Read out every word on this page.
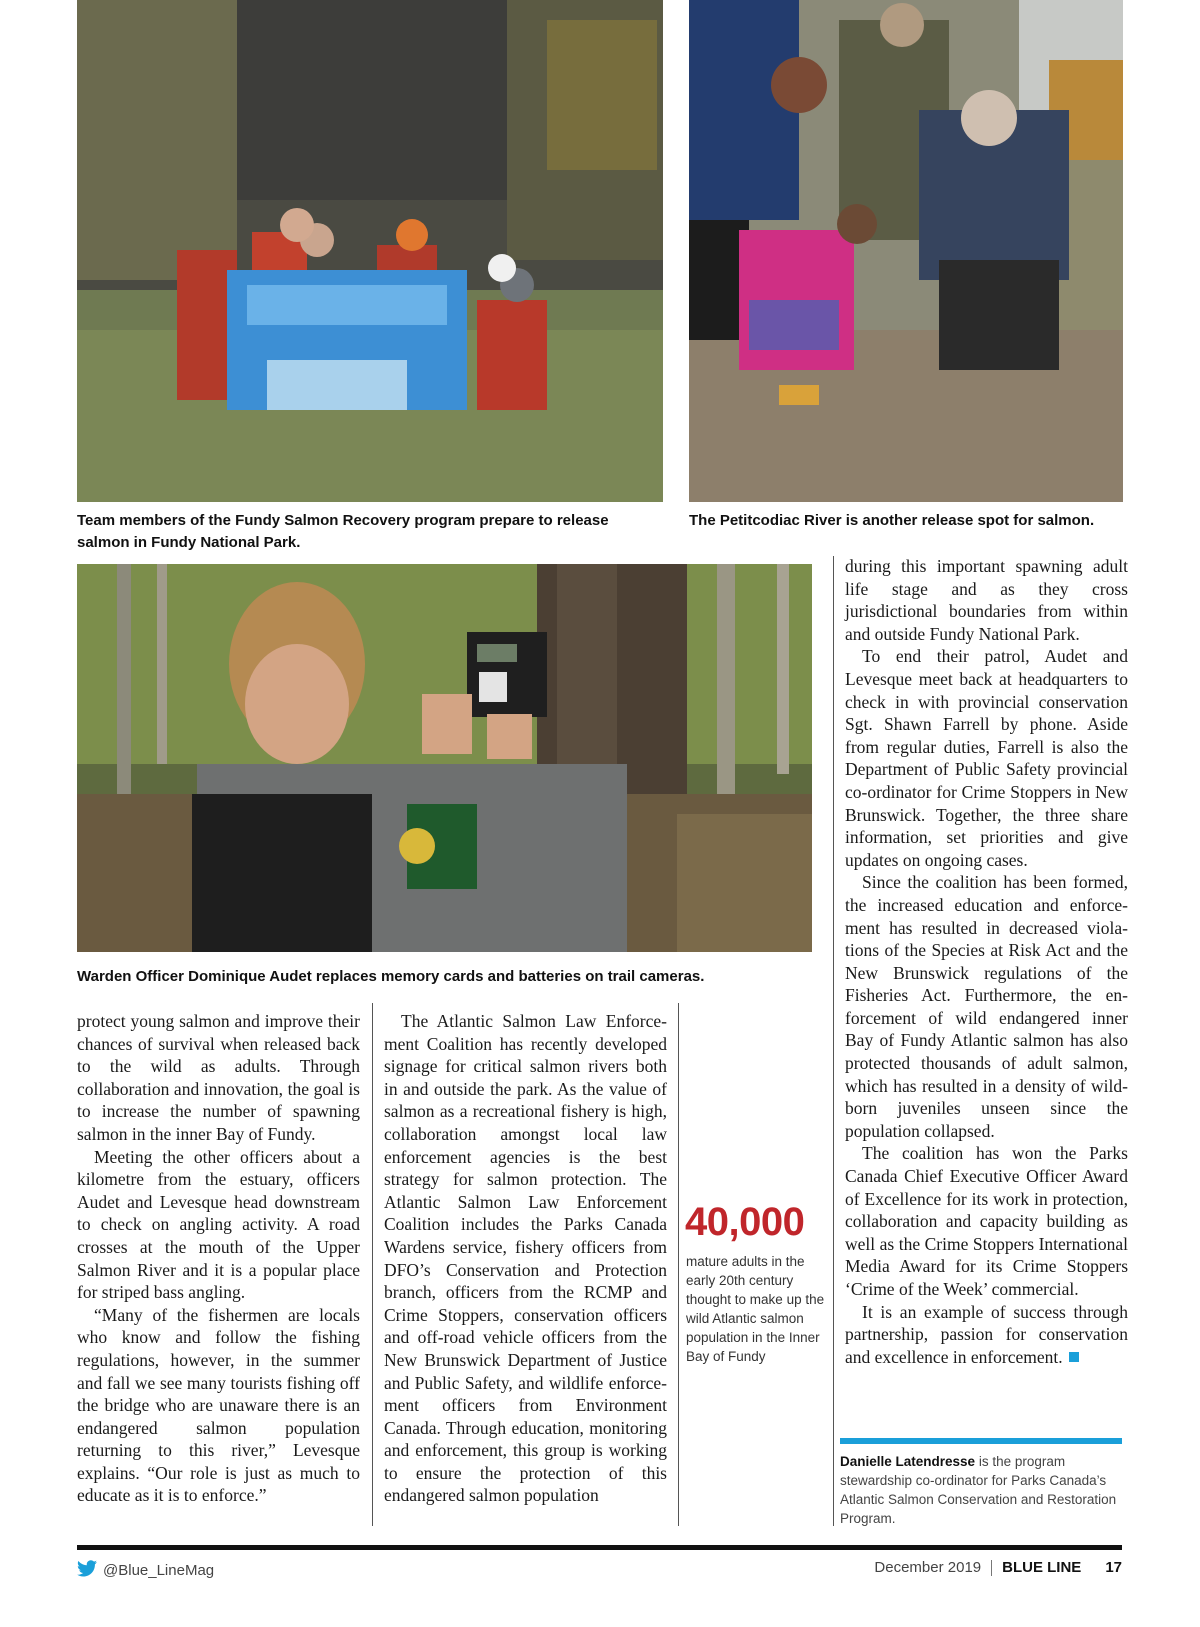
Team members of the Fundy Salmon Recovery program prepare to release salmon in Fundy National Park.
The Petitcodiac River is another release spot for salmon.
Warden Officer Dominique Audet replaces memory cards and batteries on trail cameras.

protect young salmon and improve their chances of survival when released back to the wild as adults. Through collaboration and innovation, the goal is to increase the number of spawning salmon in the inner Bay of Fundy.

Meeting the other officers about a kilometre from the estuary, officers Audet and Levesque head downstream to check on angling activity. A road crosses at the mouth of the Upper Salmon River and it is a popular place for striped bass angling.

“Many of the fishermen are locals who know and follow the fishing regulations, however, in the summer and fall we see many tourists fishing off the bridge who are unaware there is an endangered salmon population returning to this river,” Levesque explains. “Our role is just as much to educate as it is to enforce.”

The Atlantic Salmon Law Enforcement Coalition has recently developed signage for critical salmon rivers both in and outside the park. As the value of salmon as a recreational fishery is high, collaboration amongst local law enforcement agencies is the best strategy for salmon protection. The Atlantic Salmon Law Enforcement Coalition includes the Parks Canada Wardens service, fishery officers from DFO’s Conservation and Protection branch, officers from the RCMP and Crime Stoppers, conservation officers and off-road vehicle officers from the New Brunswick Department of Justice and Public Safety, and wildlife enforcement officers from Environment Canada. Through education, monitoring and enforcement, this group is working to ensure the protection of this endangered salmon population

40,000
mature adults in the early 20th century thought to make up the wild Atlantic salmon population in the Inner Bay of Fundy

during this important spawning adult life stage and as they cross jurisdictional boundaries from within and outside Fundy National Park.

To end their patrol, Audet and Levesque meet back at headquarters to check in with provincial conservation Sgt. Shawn Farrell by phone. Aside from regular duties, Farrell is also the Department of Public Safety provincial co-ordinator for Crime Stoppers in New Brunswick. Together, the three share information, set priorities and give updates on ongoing cases.

Since the coalition has been formed, the increased education and enforcement has resulted in decreased violations of the Species at Risk Act and the New Brunswick regulations of the Fisheries Act. Furthermore, the enforcement of wild endangered inner Bay of Fundy Atlantic salmon has also protected thousands of adult salmon, which has resulted in a density of wild-born juveniles unseen since the population collapsed.

The coalition has won the Parks Canada Chief Executive Officer Award of Excellence for its work in protection, collaboration and capacity building as well as the Crime Stoppers International Media Award for its Crime Stoppers ‘Crime of the Week’ commercial.

It is an example of success through partnership, passion for conservation and excellence in enforcement.

Danielle Latendresse is the program stewardship co-ordinator for Parks Canada’s Atlantic Salmon Conservation and Restoration Program.
@Blue_LineMag	December 2019 BLUE LINE 17
